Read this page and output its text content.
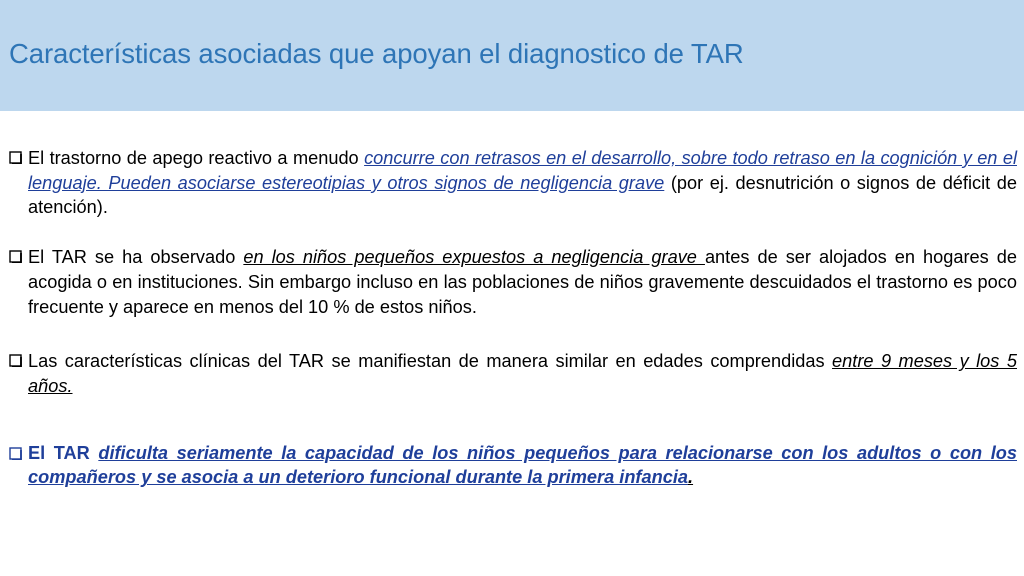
Características asociadas que apoyan el diagnostico de TAR
El trastorno de apego reactivo a menudo concurre con retrasos en el desarrollo, sobre todo retraso en la cognición y en el lenguaje. Pueden asociarse estereotipias y otros signos de negligencia grave (por ej. desnutrición o signos de déficit de atención).
El TAR se ha observado en los niños pequeños expuestos a negligencia grave antes de ser alojados en hogares de acogida o en instituciones. Sin embargo incluso en las poblaciones de niños gravemente descuidados el trastorno es poco frecuente y aparece en menos del 10 % de estos niños.
Las características clínicas del TAR se manifiestan de manera similar en edades comprendidas entre 9 meses y los 5 años.
El TAR dificulta seriamente la capacidad de los niños pequeños para relacionarse con los adultos o con los compañeros y se asocia a un deterioro funcional durante la primera infancia.
